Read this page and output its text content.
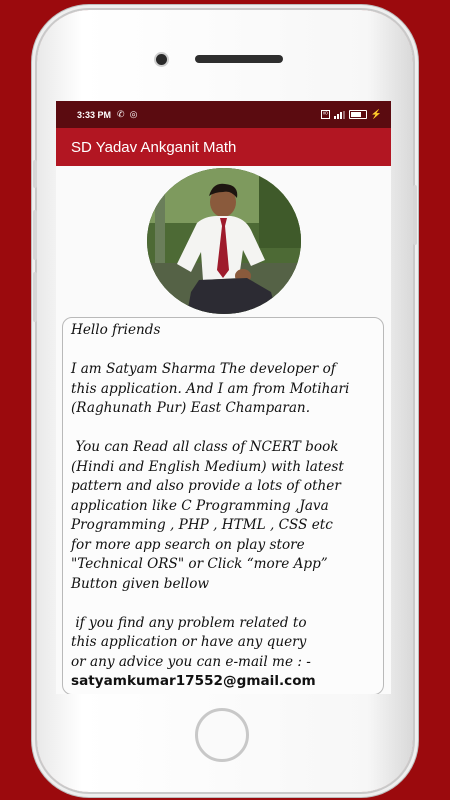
3:33 PM ✆ ◎	ᵛᵒ	⚡
SD Yadav Ankganit Math
Hello friends

I am Satyam Sharma The developer of
this application. And I am from Motihari
(Raghunath Pur) East Champaran.

You can Read all class of NCERT book
(Hindi and English Medium) with latest
pattern and also provide a lots of other
application like C Programming ,Java
Programming , PHP , HTML , CSS etc
for more app search on play store
"Technical ORS" or Click “more App”
Button given bellow

if you find any problem related to
this application or have any query
or any advice you can e-mail me : -
satyamkumar17552@gmail.com
